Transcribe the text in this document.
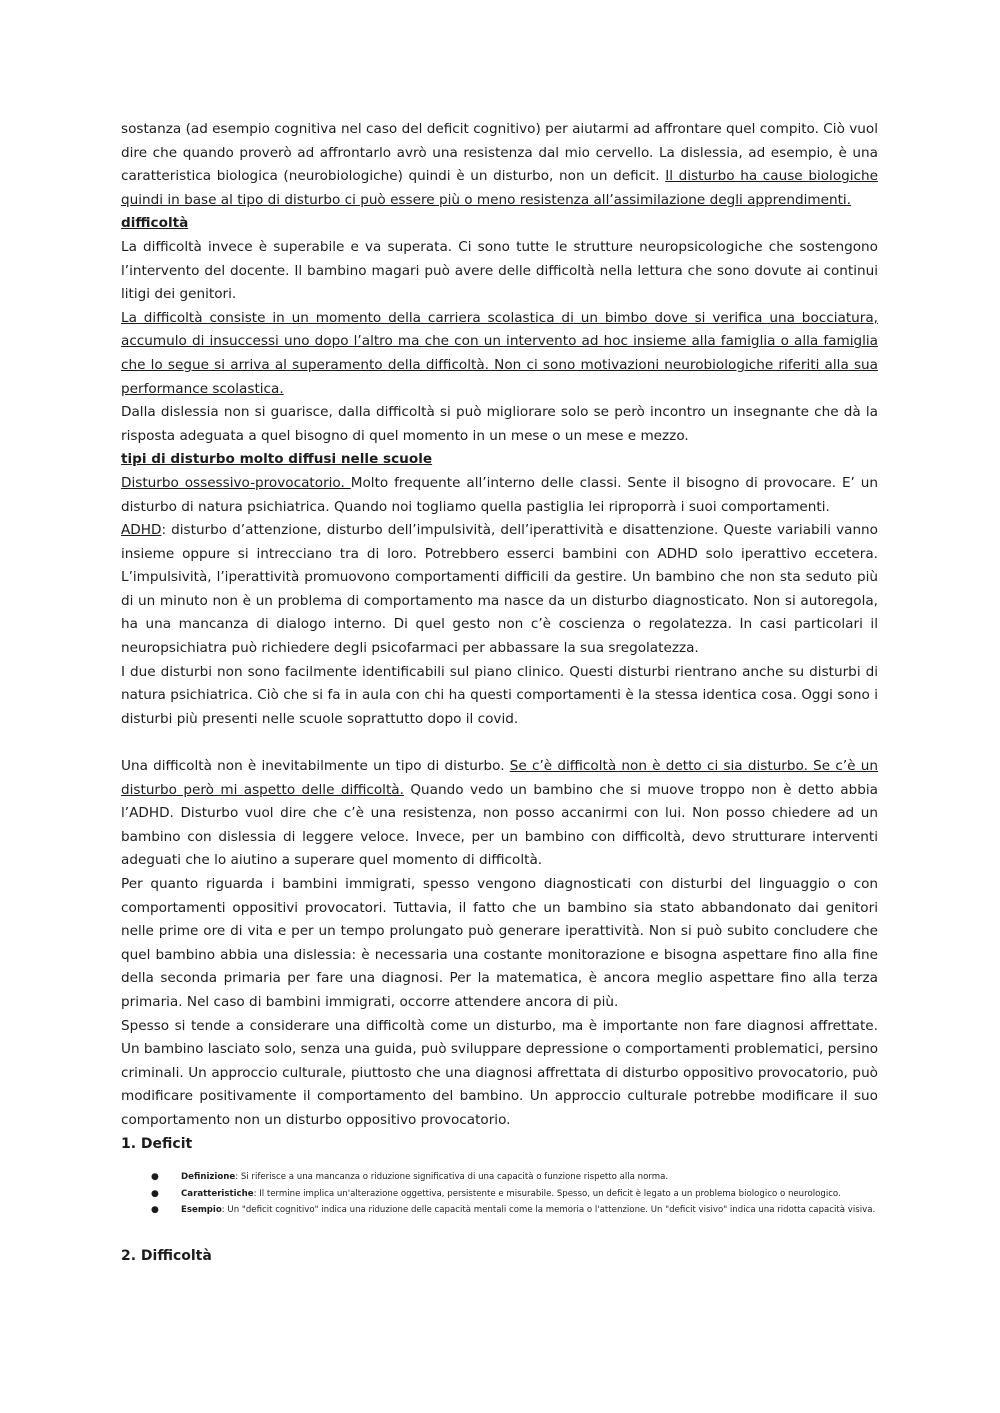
sostanza (ad esempio cognitiva nel caso del deficit cognitivo) per aiutarmi ad affrontare quel compito. Ciò vuol dire che quando proverò ad affrontarlo avrò una resistenza dal mio cervello. La dislessia, ad esempio, è una caratteristica biologica (neurobiologiche) quindi è un disturbo, non un deficit. Il disturbo ha cause biologiche quindi in base al tipo di disturbo ci può essere più o meno resistenza all’assimilazione degli apprendimenti.

difficoltà

La difficoltà invece è superabile e va superata. Ci sono tutte le strutture neuropsicologiche che sostengono l’intervento del docente. Il bambino magari può avere delle difficoltà nella lettura che sono dovute ai continui litigi dei genitori.

La difficoltà consiste in un momento della carriera scolastica di un bimbo dove si verifica una bocciatura, accumulo di insuccessi uno dopo l’altro ma che con un intervento ad hoc insieme alla famiglia o alla famiglia che lo segue si arriva al superamento della difficoltà. Non ci sono motivazioni neurobiologiche riferiti alla sua performance scolastica.

Dalla dislessia non si guarisce, dalla difficoltà si può migliorare solo se però incontro un insegnante che dà la risposta adeguata a quel bisogno di quel momento in un mese o un mese e mezzo.

tipi di disturbo molto diffusi nelle scuole

Disturbo ossessivo-provocatorio. Molto frequente all’interno delle classi. Sente il bisogno di provocare. E’ un disturbo di natura psichiatrica. Quando noi togliamo quella pastiglia lei riproporrà i suoi comportamenti.

ADHD: disturbo d’attenzione, disturbo dell’impulsività, dell’iperattività e disattenzione. Queste variabili vanno insieme oppure si intrecciano tra di loro. Potrebbero esserci bambini con ADHD solo iperattivo eccetera. L’impulsività, l’iperattività promuovono comportamenti difficili da gestire. Un bambino che non sta seduto più di un minuto non è un problema di comportamento ma nasce da un disturbo diagnosticato. Non si autoregola, ha una mancanza di dialogo interno. Di quel gesto non c’è coscienza o regolatezza. In casi particolari il neuropsichiatra può richiedere degli psicofarmaci per abbassare la sua sregolatezza.

I due disturbi non sono facilmente identificabili sul piano clinico. Questi disturbi rientrano anche su disturbi di natura psichiatrica. Ciò che si fa in aula con chi ha questi comportamenti è la stessa identica cosa. Oggi sono i disturbi più presenti nelle scuole soprattutto dopo il covid.

Una difficoltà non è inevitabilmente un tipo di disturbo. Se c’è difficoltà non è detto ci sia disturbo. Se c’è un disturbo però mi aspetto delle difficoltà. Quando vedo un bambino che si muove troppo non è detto abbia l’ADHD. Disturbo vuol dire che c’è una resistenza, non posso accanirmi con lui. Non posso chiedere ad un bambino con dislessia di leggere veloce. Invece, per un bambino con difficoltà, devo strutturare interventi adeguati che lo aiutino a superare quel momento di difficoltà.

Per quanto riguarda i bambini immigrati, spesso vengono diagnosticati con disturbi del linguaggio o con comportamenti oppositivi provocatori. Tuttavia, il fatto che un bambino sia stato abbandonato dai genitori nelle prime ore di vita e per un tempo prolungato può generare iperattività. Non si può subito concludere che quel bambino abbia una dislessia: è necessaria una costante monitorazione e bisogna aspettare fino alla fine della seconda primaria per fare una diagnosi. Per la matematica, è ancora meglio aspettare fino alla terza primaria. Nel caso di bambini immigrati, occorre attendere ancora di più.

Spesso si tende a considerare una difficoltà come un disturbo, ma è importante non fare diagnosi affrettate. Un bambino lasciato solo, senza una guida, può sviluppare depressione o comportamenti problematici, persino criminali. Un approccio culturale, piuttosto che una diagnosi affrettata di disturbo oppositivo provocatorio, può modificare positivamente il comportamento del bambino. Un approccio culturale potrebbe modificare il suo comportamento non un disturbo oppositivo provocatorio.

1. Deficit

●	Definizione: Si riferisce a una mancanza o riduzione significativa di una capacità o funzione rispetto alla norma.
●	Caratteristiche: Il termine implica un'alterazione oggettiva, persistente e misurabile. Spesso, un deficit è legato a un problema biologico o neurologico.
●	Esempio: Un "deficit cognitivo" indica una riduzione delle capacità mentali come la memoria o l'attenzione. Un "deficit visivo" indica una ridotta capacità visiva.

2. Difficoltà
